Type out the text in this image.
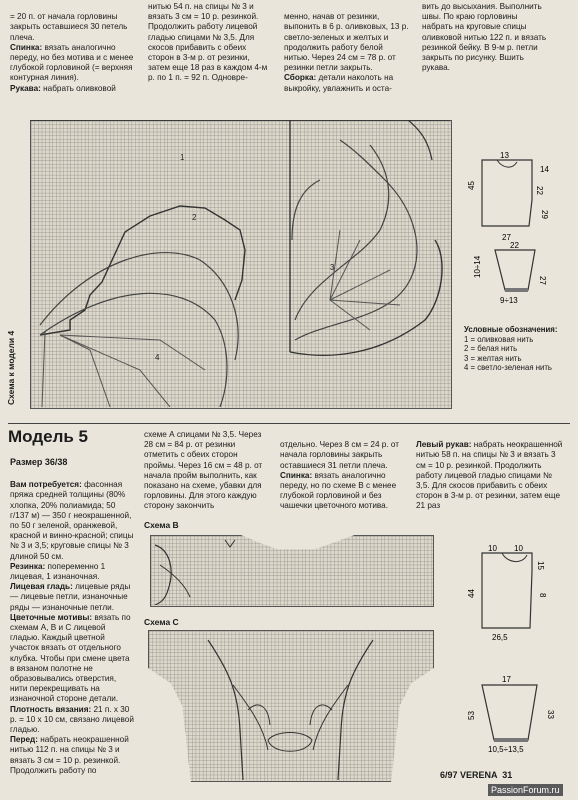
= 20 п. от начала горловины закрыть оставшиеся 30 петель плеча.
Спинка: вязать аналогично переду, но без мотива и с менее глубокой горловиной (= верхняя контурная линия).
Рукава: набрать оливковой

нитью 54 п. на спицы № 3 и вязать 3 см = 10 р. резинкой. Продолжить работу лицевой гладью спицами № 3,5. Для скосов прибавить с обеих сторон в 3-м р. от резинки, затем еще 18 раз в каждом 4-м р. по 1 п. = 92 п. Одновре-

менно, начав от резинки, выпонить в 6 р. оливковых, 13 р. светло-зеленых и желтых и продолжить работу белой нитью. Через 24 см = 78 р. от резинки петли закрыть.
Сборка: детали наколоть на выкройку, увлажнить и оста-

вить до высыхания. Выполнить швы. По краю горловины набрать на круговые спицы оливковой нитью 122 п. и вязать резинкой бейку. В 9-м р. петли закрыть по рисунку. Вшить рукава.
1
2
3
4
Схема к модели 4
13
14
22
29
45
27
22
10÷14
27
9÷13
Условные обозначения:
1 = оливковая нить
2 = белая нить
3 = желтая нить
4 = светло-зеленая нить
Модель 5
Размер 36/38

Вам потребуется: фасонная пряжа средней толщины (80% хлопка, 20% полиамида; 50 г/137 м) — 350 г неокрашенной, по 50 г зеленой, оранжевой, красной и винно-красной; спицы № 3 и 3,5; круговые спицы № 3 длиной 50 см.
Резинка: попеременно 1 лицевая, 1 изнаночная.
Лицевая гладь: лицевые ряды — лицевые петли, изнаночные ряды — изнаночные петли.
Цветочные мотивы: вязать по схемам А, В и С лицевой гладью. Каждый цветной участок вязать от отдельного клубка. Чтобы при смене цвета в вязаном полотне не образовывались отверстия, нити перекрещивать на изнаночной стороне детали.
Плотность вязания: 21 п. x 30 р. = 10 x 10 см, связано лицевой гладью.
Перед: набрать неокрашенной нитью 112 п. на спицы № 3 и вязать 3 см = 10 р. резинкой. Продолжить работу по

схеме А спицами № 3,5. Через 28 см = 84 р. от резинки отметить с обеих сторон проймы. Через 16 см = 48 р. от начала пройм выполнить, как показано на схеме, убавки для горловины. Для этого каждую сторону закончить

отдельно. Через 8 см = 24 р. от начала горловины закрыть оставшиеся 31 петли плеча.
Спинка: вязать аналогично переду, но по схеме В с менее глубокой горловиной и без чашечки цветочного мотива.

Левый рукав: набрать неокрашенной нитью 58 п. на спицы № 3 и вязать 3 см = 10 р. резинкой. Продолжить работу лицевой гладью спицами № 3,5. Для скосов прибавить с обеих сторон в 3-м р. от резинки, затем еще 21 раз

Схема В
Схема С
10 10
15
8
44
26,5
17
33
53
10,5÷13,5
6/97 VERENA  31
PassionForum.ru
